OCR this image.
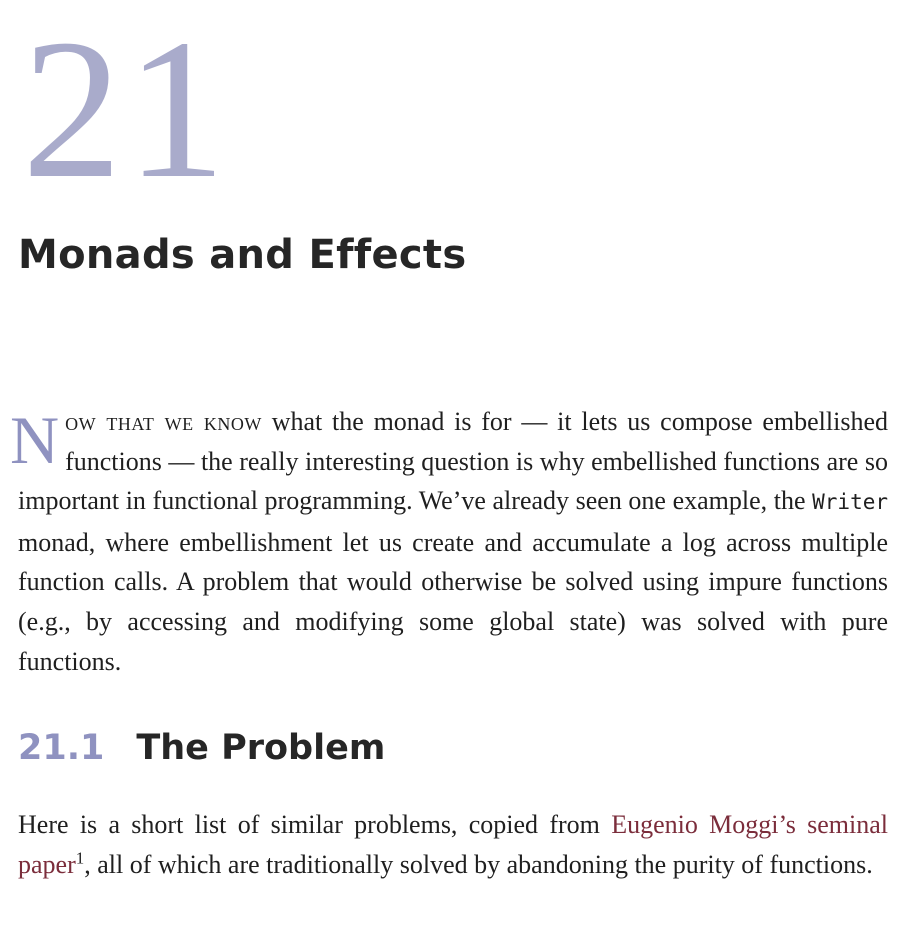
21
Monads and Effects

Now that we know what the monad is for — it lets us compose embellished functions — the really interesting question is why embellished functions are so important in functional programming. We’ve already seen one example, the Writer monad, where embellishment let us create and accumulate a log across multiple function calls. A problem that would otherwise be solved using impure functions (e.g., by accessing and modifying some global state) was solved with pure functions.

21.1 The Problem

Here is a short list of similar problems, copied from Eugenio Moggi’s seminal paper$^1$, all of which are traditionally solved by abandoning the purity of functions.
